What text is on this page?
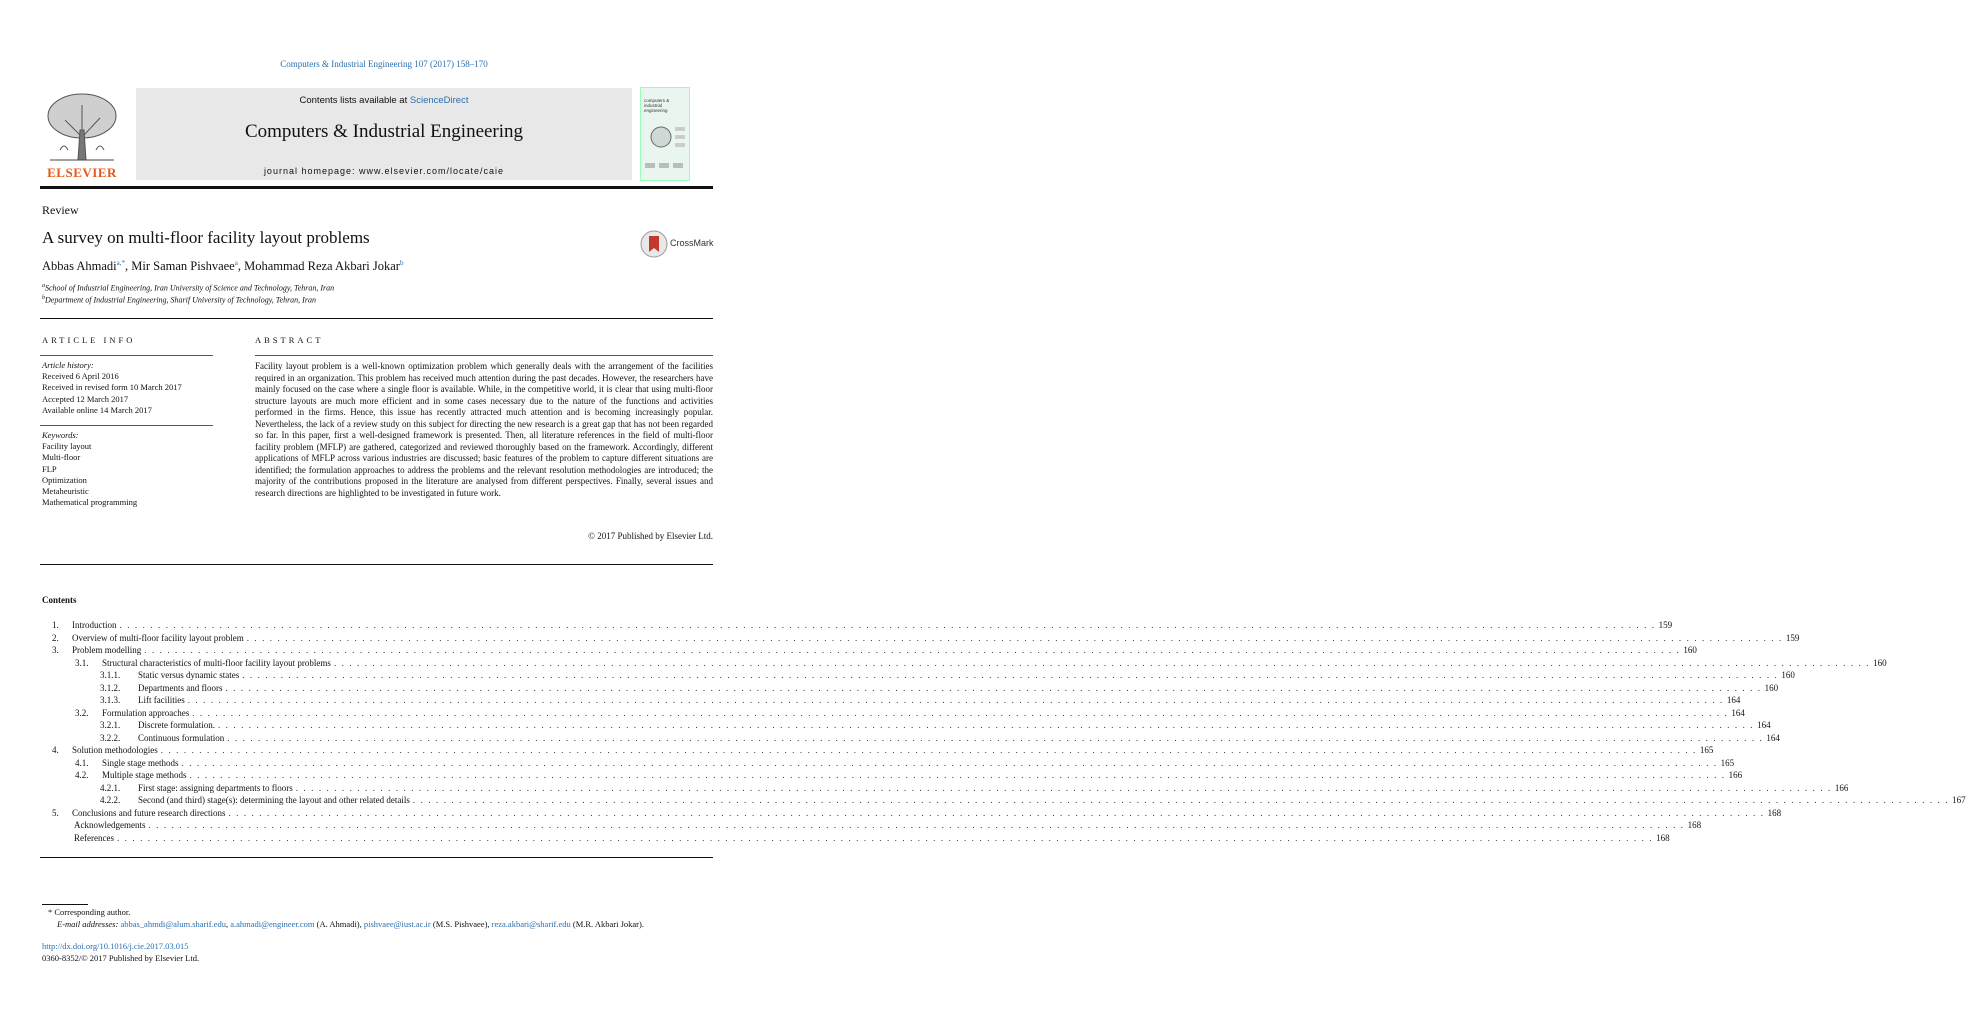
Computers & Industrial Engineering 107 (2017) 158–170
ELSEVIER
Contents lists available at ScienceDirect
Computers & Industrial Engineering
journal homepage: www.elsevier.com/locate/caie
computers & industrial engineering
Review
A survey on multi-floor facility layout problems	CrossMark
Abbas Ahmadi$^{a,*}$, Mir Saman Pishvaee$^a$, Mohammad Reza Akbari Jokar$^b$
$^a$School of Industrial Engineering, Iran University of Science and Technology, Tehran, Iran
$^b$Department of Industrial Engineering, Sharif University of Technology, Tehran, Iran
ARTICLE INFO	ABSTRACT
Article history:
Received 6 April 2016
Received in revised form 10 March 2017
Accepted 12 March 2017
Available online 14 March 2017
Keywords:
Facility layout
Multi-floor
FLP
Optimization
Metaheuristic
Mathematical programming
Facility layout problem is a well-known optimization problem which generally deals with the arrangement of the facilities required in an organization. This problem has received much attention during the past decades. However, the researchers have mainly focused on the case where a single floor is available. While, in the competitive world, it is clear that using multi-floor structure layouts are much more efficient and in some cases necessary due to the nature of the functions and activities performed in the firms. Hence, this issue has recently attracted much attention and is becoming increasingly popular. Nevertheless, the lack of a review study on this subject for directing the new research is a great gap that has not been regarded so far. In this paper, first a well-designed framework is presented. Then, all literature references in the field of multi-floor facility problem (MFLP) are gathered, categorized and reviewed thoroughly based on the framework. Accordingly, different applications of MFLP across various industries are discussed; basic features of the problem to capture different situations are identified; the formulation approaches to address the problems and the relevant resolution methodologies are introduced; the majority of the contributions proposed in the literature are analysed from different perspectives. Finally, several issues and research directions are highlighted to be investigated in future work.
© 2017 Published by Elsevier Ltd.
Contents
1. Introduction . . . . . . . . . . . . . . . . . . . . . . . . . . . . . . . . . . . . . . . . . . . . . . . . . . . . . . . . . . . . . . . . . . . . . . . . . . . . . . . . . . . . . . . . . . . . . . . . . . . . . . . . . . . . . . . . . . . . . . . . . . . . . . . . . . . . . . . . . . . . . . . . . . . . . . . . . . . . . . . . . . . . . . . . . . . . . . . . . . . . . . . . . . . . . . . . . . . . . . . . 159
2. Overview of multi-floor facility layout problem . . . . . . . . . . . . . . . . . . . . . . . . . . . . . . . . . . . . . . . . . . . . . . . . . . . . . . . . . . . . . . . . . . . . . . . . . . . . . . . . . . . . . . . . . . . . . . . . . . . . . . . . . . . . . . . . . . . . . . . . . . . . . . . . . . . . . . . . . . . . . . . . . . . . . . . . . . . . . . . . . . . . . . . . . . . . . . . . . . . . . . . . . . . . . . . . . . . . . . . . 159
3. Problem modelling . . . . . . . . . . . . . . . . . . . . . . . . . . . . . . . . . . . . . . . . . . . . . . . . . . . . . . . . . . . . . . . . . . . . . . . . . . . . . . . . . . . . . . . . . . . . . . . . . . . . . . . . . . . . . . . . . . . . . . . . . . . . . . . . . . . . . . . . . . . . . . . . . . . . . . . . . . . . . . . . . . . . . . . . . . . . . . . . . . . . . . . . . . . . . . . . . . . . . . . . 160
3.1. Structural characteristics of multi-floor facility layout problems . . . . . . . . . . . . . . . . . . . . . . . . . . . . . . . . . . . . . . . . . . . . . . . . . . . . . . . . . . . . . . . . . . . . . . . . . . . . . . . . . . . . . . . . . . . . . . . . . . . . . . . . . . . . . . . . . . . . . . . . . . . . . . . . . . . . . . . . . . . . . . . . . . . . . . . . . . . . . . . . . . . . . . . . . . . . . . . . . . . . . . . . . . . . . . . . . . . . . . . . 160
3.1.1. Static versus dynamic states . . . . . . . . . . . . . . . . . . . . . . . . . . . . . . . . . . . . . . . . . . . . . . . . . . . . . . . . . . . . . . . . . . . . . . . . . . . . . . . . . . . . . . . . . . . . . . . . . . . . . . . . . . . . . . . . . . . . . . . . . . . . . . . . . . . . . . . . . . . . . . . . . . . . . . . . . . . . . . . . . . . . . . . . . . . . . . . . . . . . . . . . . . . . . . . . . . . . . . . . 160
3.1.2. Departments and floors . . . . . . . . . . . . . . . . . . . . . . . . . . . . . . . . . . . . . . . . . . . . . . . . . . . . . . . . . . . . . . . . . . . . . . . . . . . . . . . . . . . . . . . . . . . . . . . . . . . . . . . . . . . . . . . . . . . . . . . . . . . . . . . . . . . . . . . . . . . . . . . . . . . . . . . . . . . . . . . . . . . . . . . . . . . . . . . . . . . . . . . . . . . . . . . . . . . . . . . . 160
3.1.3. Lift facilities . . . . . . . . . . . . . . . . . . . . . . . . . . . . . . . . . . . . . . . . . . . . . . . . . . . . . . . . . . . . . . . . . . . . . . . . . . . . . . . . . . . . . . . . . . . . . . . . . . . . . . . . . . . . . . . . . . . . . . . . . . . . . . . . . . . . . . . . . . . . . . . . . . . . . . . . . . . . . . . . . . . . . . . . . . . . . . . . . . . . . . . . . . . . . . . . . . . . . . . . 164
3.2. Formulation approaches . . . . . . . . . . . . . . . . . . . . . . . . . . . . . . . . . . . . . . . . . . . . . . . . . . . . . . . . . . . . . . . . . . . . . . . . . . . . . . . . . . . . . . . . . . . . . . . . . . . . . . . . . . . . . . . . . . . . . . . . . . . . . . . . . . . . . . . . . . . . . . . . . . . . . . . . . . . . . . . . . . . . . . . . . . . . . . . . . . . . . . . . . . . . . . . . . . . . . . . . 164
3.2.1. Discrete formulation. . . . . . . . . . . . . . . . . . . . . . . . . . . . . . . . . . . . . . . . . . . . . . . . . . . . . . . . . . . . . . . . . . . . . . . . . . . . . . . . . . . . . . . . . . . . . . . . . . . . . . . . . . . . . . . . . . . . . . . . . . . . . . . . . . . . . . . . . . . . . . . . . . . . . . . . . . . . . . . . . . . . . . . . . . . . . . . . . . . . . . . . . . . . . . . . . . . . . . . . . 164
3.2.2. Continuous formulation . . . . . . . . . . . . . . . . . . . . . . . . . . . . . . . . . . . . . . . . . . . . . . . . . . . . . . . . . . . . . . . . . . . . . . . . . . . . . . . . . . . . . . . . . . . . . . . . . . . . . . . . . . . . . . . . . . . . . . . . . . . . . . . . . . . . . . . . . . . . . . . . . . . . . . . . . . . . . . . . . . . . . . . . . . . . . . . . . . . . . . . . . . . . . . . . . . . . . . . . 164
4. Solution methodologies . . . . . . . . . . . . . . . . . . . . . . . . . . . . . . . . . . . . . . . . . . . . . . . . . . . . . . . . . . . . . . . . . . . . . . . . . . . . . . . . . . . . . . . . . . . . . . . . . . . . . . . . . . . . . . . . . . . . . . . . . . . . . . . . . . . . . . . . . . . . . . . . . . . . . . . . . . . . . . . . . . . . . . . . . . . . . . . . . . . . . . . . . . . . . . . . . . . . . . . . 165
4.1. Single stage methods . . . . . . . . . . . . . . . . . . . . . . . . . . . . . . . . . . . . . . . . . . . . . . . . . . . . . . . . . . . . . . . . . . . . . . . . . . . . . . . . . . . . . . . . . . . . . . . . . . . . . . . . . . . . . . . . . . . . . . . . . . . . . . . . . . . . . . . . . . . . . . . . . . . . . . . . . . . . . . . . . . . . . . . . . . . . . . . . . . . . . . . . . . . . . . . . . . . . . . . . 165
4.2. Multiple stage methods . . . . . . . . . . . . . . . . . . . . . . . . . . . . . . . . . . . . . . . . . . . . . . . . . . . . . . . . . . . . . . . . . . . . . . . . . . . . . . . . . . . . . . . . . . . . . . . . . . . . . . . . . . . . . . . . . . . . . . . . . . . . . . . . . . . . . . . . . . . . . . . . . . . . . . . . . . . . . . . . . . . . . . . . . . . . . . . . . . . . . . . . . . . . . . . . . . . . . . . . 166
4.2.1. First stage: assigning departments to floors . . . . . . . . . . . . . . . . . . . . . . . . . . . . . . . . . . . . . . . . . . . . . . . . . . . . . . . . . . . . . . . . . . . . . . . . . . . . . . . . . . . . . . . . . . . . . . . . . . . . . . . . . . . . . . . . . . . . . . . . . . . . . . . . . . . . . . . . . . . . . . . . . . . . . . . . . . . . . . . . . . . . . . . . . . . . . . . . . . . . . . . . . . . . . . . . . . . . . . . . 166
4.2.2. Second (and third) stage(s): determining the layout and other related details . . . . . . . . . . . . . . . . . . . . . . . . . . . . . . . . . . . . . . . . . . . . . . . . . . . . . . . . . . . . . . . . . . . . . . . . . . . . . . . . . . . . . . . . . . . . . . . . . . . . . . . . . . . . . . . . . . . . . . . . . . . . . . . . . . . . . . . . . . . . . . . . . . . . . . . . . . . . . . . . . . . . . . . . . . . . . . . . . . . . . . . . . . . . . . . . . . . . . . . . 167
5. Conclusions and future research directions . . . . . . . . . . . . . . . . . . . . . . . . . . . . . . . . . . . . . . . . . . . . . . . . . . . . . . . . . . . . . . . . . . . . . . . . . . . . . . . . . . . . . . . . . . . . . . . . . . . . . . . . . . . . . . . . . . . . . . . . . . . . . . . . . . . . . . . . . . . . . . . . . . . . . . . . . . . . . . . . . . . . . . . . . . . . . . . . . . . . . . . . . . . . . . . . . . . . . . . . 168
Acknowledgements . . . . . . . . . . . . . . . . . . . . . . . . . . . . . . . . . . . . . . . . . . . . . . . . . . . . . . . . . . . . . . . . . . . . . . . . . . . . . . . . . . . . . . . . . . . . . . . . . . . . . . . . . . . . . . . . . . . . . . . . . . . . . . . . . . . . . . . . . . . . . . . . . . . . . . . . . . . . . . . . . . . . . . . . . . . . . . . . . . . . . . . . . . . . . . . . . . . . . . . . 168
References . . . . . . . . . . . . . . . . . . . . . . . . . . . . . . . . . . . . . . . . . . . . . . . . . . . . . . . . . . . . . . . . . . . . . . . . . . . . . . . . . . . . . . . . . . . . . . . . . . . . . . . . . . . . . . . . . . . . . . . . . . . . . . . . . . . . . . . . . . . . . . . . . . . . . . . . . . . . . . . . . . . . . . . . . . . . . . . . . . . . . . . . . . . . . . . . . . . . . . . . 168
* Corresponding author.
E-mail addresses: abbas_ahmdi@alum.sharif.edu, a.ahmadi@engineer.com (A. Ahmadi), pishvaee@iust.ac.ir (M.S. Pishvaee), reza.akbari@sharif.edu (M.R. Akbari Jokar).
http://dx.doi.org/10.1016/j.cie.2017.03.015
0360-8352/© 2017 Published by Elsevier Ltd.
